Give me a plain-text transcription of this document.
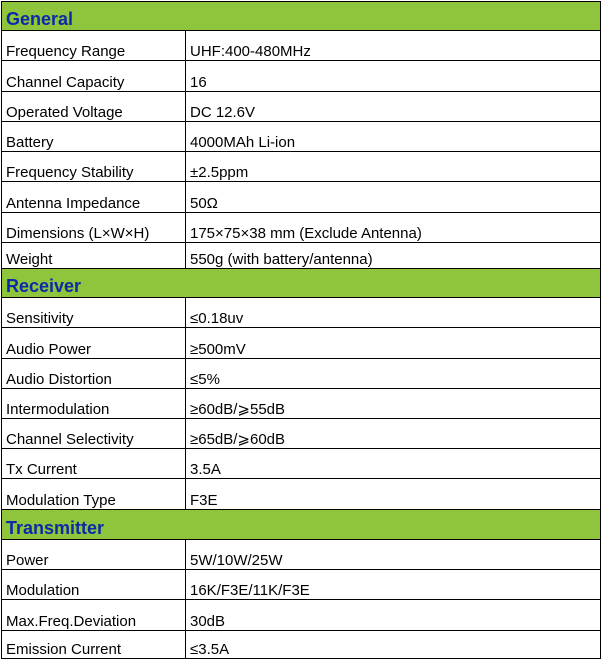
General	
Frequency Range	UHF:400-480MHz
Channel Capacity	16
Operated Voltage	DC 12.6V
Battery	4000MAh Li-ion
Frequency Stability	±2.5ppm
Antenna Impedance	50Ω
Dimensions (L×W×H)	175×75×38 mm (Exclude Antenna)
Weight	550g (with battery/antenna)
Receiver	
Sensitivity	≤0.18uv
Audio Power	≥500mV
Audio Distortion	≤5%
Intermodulation	≥60dB/⩾55dB
Channel Selectivity	≥65dB/⩾60dB
Tx Current	3.5A
Modulation Type	F3E
Transmitter	
Power	5W/10W/25W
Modulation	16K/F3E/11K/F3E
Max.Freq.Deviation	30dB
Emission Current	≤3.5A
